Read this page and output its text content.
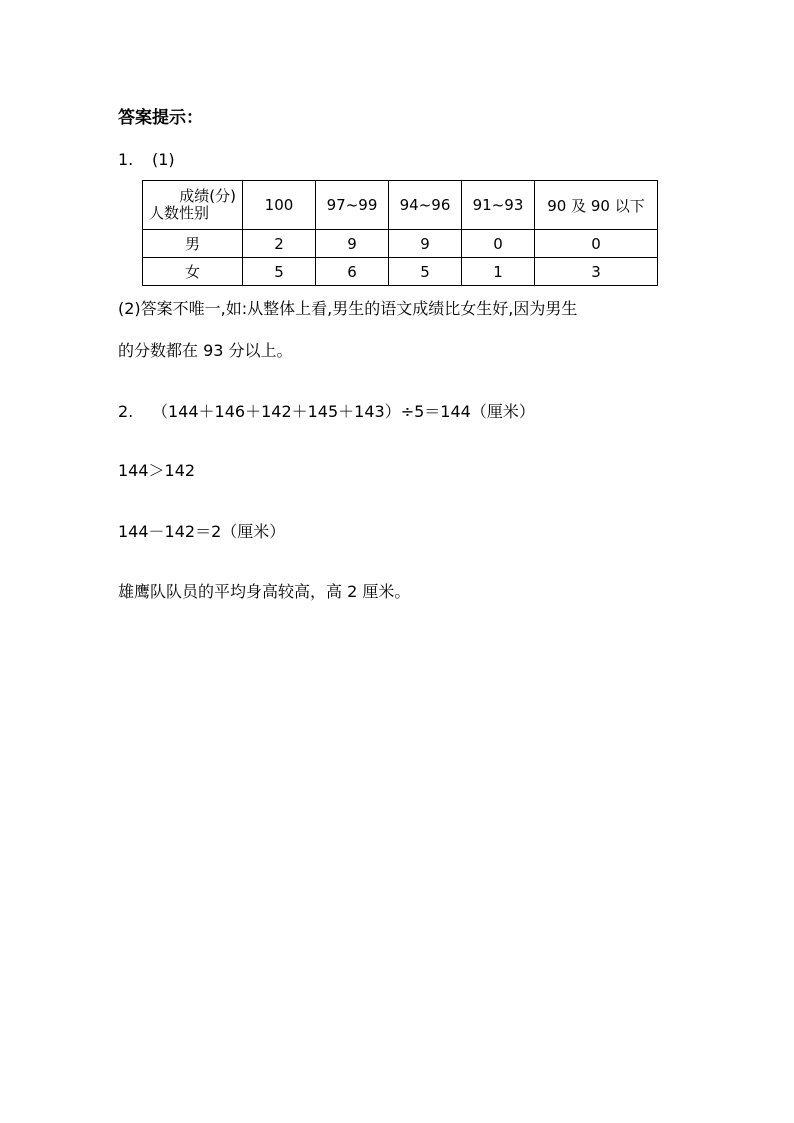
答案提示：
1. (1)
成绩(分)
人数性别	100	97~99	94~96	91~93	90 及 90 以下
男	2	9	9	0	0
女	5	6	5	1	3
(2)答案不唯一,如:从整体上看,男生的语文成绩比女生好,因为男生
的分数都在 93 分以上。
2. （144＋146＋142＋145＋143）÷5＝144（厘米）
144＞142
144－142＝2（厘米）
雄鹰队队员的平均身高较高，高 2 厘米。
